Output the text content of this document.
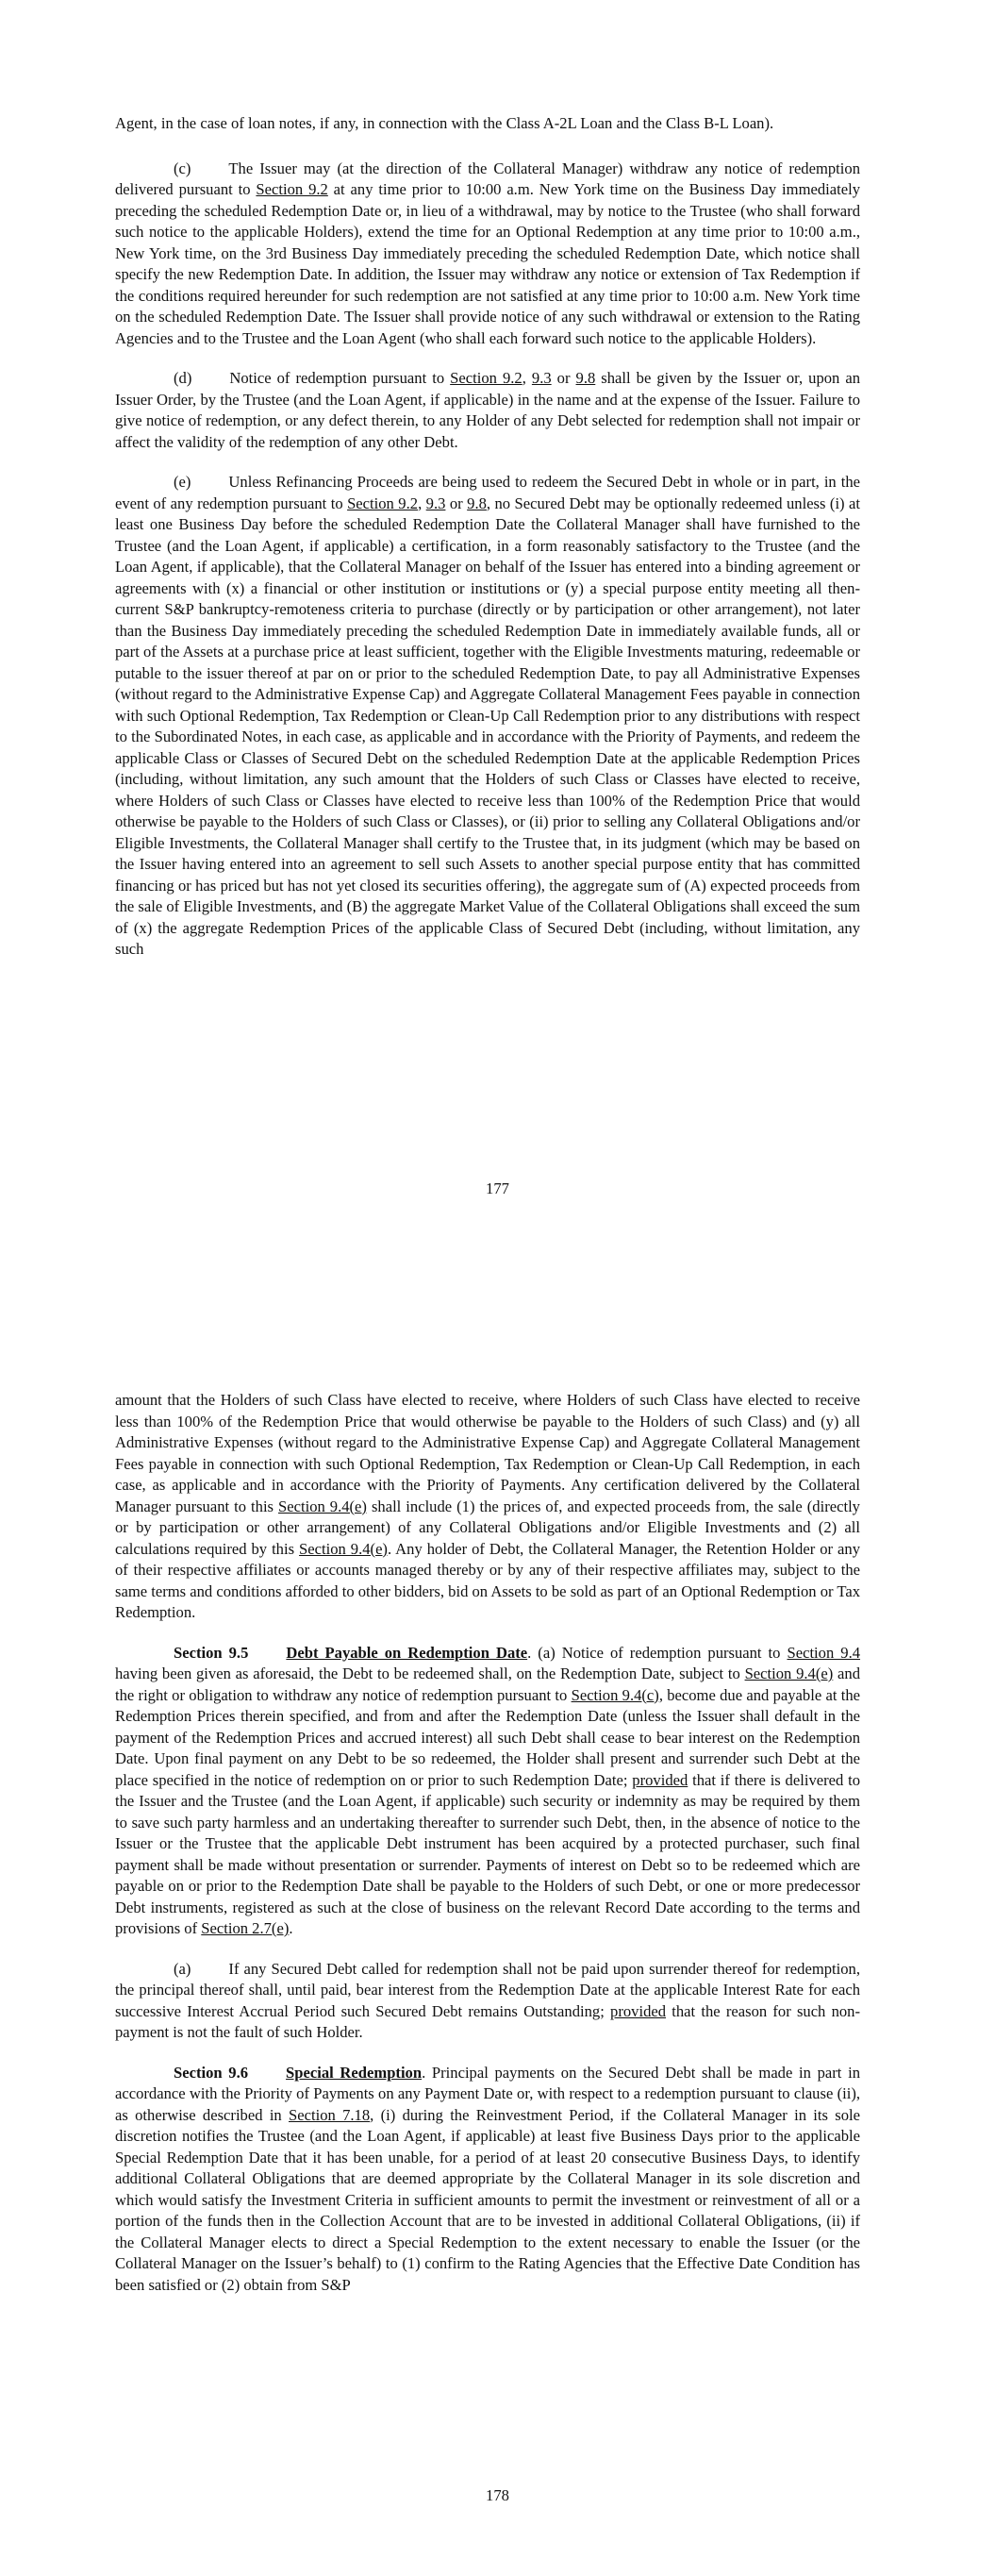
Agent, in the case of loan notes, if any, in connection with the Class A-2L Loan and the Class B-L Loan).

(c) The Issuer may (at the direction of the Collateral Manager) withdraw any notice of redemption delivered pursuant to Section 9.2 at any time prior to 10:00 a.m. New York time on the Business Day immediately preceding the scheduled Redemption Date or, in lieu of a withdrawal, may by notice to the Trustee (who shall forward such notice to the applicable Holders), extend the time for an Optional Redemption at any time prior to 10:00 a.m., New York time, on the 3rd Business Day immediately preceding the scheduled Redemption Date, which notice shall specify the new Redemption Date. In addition, the Issuer may withdraw any notice or extension of Tax Redemption if the conditions required hereunder for such redemption are not satisfied at any time prior to 10:00 a.m. New York time on the scheduled Redemption Date. The Issuer shall provide notice of any such withdrawal or extension to the Rating Agencies and to the Trustee and the Loan Agent (who shall each forward such notice to the applicable Holders).

(d) Notice of redemption pursuant to Section 9.2, 9.3 or 9.8 shall be given by the Issuer or, upon an Issuer Order, by the Trustee (and the Loan Agent, if applicable) in the name and at the expense of the Issuer. Failure to give notice of redemption, or any defect therein, to any Holder of any Debt selected for redemption shall not impair or affect the validity of the redemption of any other Debt.

(e) Unless Refinancing Proceeds are being used to redeem the Secured Debt in whole or in part, in the event of any redemption pursuant to Section 9.2, 9.3 or 9.8, no Secured Debt may be optionally redeemed unless (i) at least one Business Day before the scheduled Redemption Date the Collateral Manager shall have furnished to the Trustee (and the Loan Agent, if applicable) a certification, in a form reasonably satisfactory to the Trustee (and the Loan Agent, if applicable), that the Collateral Manager on behalf of the Issuer has entered into a binding agreement or agreements with (x) a financial or other institution or institutions or (y) a special purpose entity meeting all then-current S&P bankruptcy-remoteness criteria to purchase (directly or by participation or other arrangement), not later than the Business Day immediately preceding the scheduled Redemption Date in immediately available funds, all or part of the Assets at a purchase price at least sufficient, together with the Eligible Investments maturing, redeemable or putable to the issuer thereof at par on or prior to the scheduled Redemption Date, to pay all Administrative Expenses (without regard to the Administrative Expense Cap) and Aggregate Collateral Management Fees payable in connection with such Optional Redemption, Tax Redemption or Clean-Up Call Redemption prior to any distributions with respect to the Subordinated Notes, in each case, as applicable and in accordance with the Priority of Payments, and redeem the applicable Class or Classes of Secured Debt on the scheduled Redemption Date at the applicable Redemption Prices (including, without limitation, any such amount that the Holders of such Class or Classes have elected to receive, where Holders of such Class or Classes have elected to receive less than 100% of the Redemption Price that would otherwise be payable to the Holders of such Class or Classes), or (ii) prior to selling any Collateral Obligations and/or Eligible Investments, the Collateral Manager shall certify to the Trustee that, in its judgment (which may be based on the Issuer having entered into an agreement to sell such Assets to another special purpose entity that has committed financing or has priced but has not yet closed its securities offering), the aggregate sum of (A) expected proceeds from the sale of Eligible Investments, and (B) the aggregate Market Value of the Collateral Obligations shall exceed the sum of (x) the aggregate Redemption Prices of the applicable Class of Secured Debt (including, without limitation, any such

177

amount that the Holders of such Class have elected to receive, where Holders of such Class have elected to receive less than 100% of the Redemption Price that would otherwise be payable to the Holders of such Class) and (y) all Administrative Expenses (without regard to the Administrative Expense Cap) and Aggregate Collateral Management Fees payable in connection with such Optional Redemption, Tax Redemption or Clean-Up Call Redemption, in each case, as applicable and in accordance with the Priority of Payments. Any certification delivered by the Collateral Manager pursuant to this Section 9.4(e) shall include (1) the prices of, and expected proceeds from, the sale (directly or by participation or other arrangement) of any Collateral Obligations and/or Eligible Investments and (2) all calculations required by this Section 9.4(e). Any holder of Debt, the Collateral Manager, the Retention Holder or any of their respective affiliates or accounts managed thereby or by any of their respective affiliates may, subject to the same terms and conditions afforded to other bidders, bid on Assets to be sold as part of an Optional Redemption or Tax Redemption.

Section 9.5 Debt Payable on Redemption Date. (a) Notice of redemption pursuant to Section 9.4 having been given as aforesaid, the Debt to be redeemed shall, on the Redemption Date, subject to Section 9.4(e) and the right or obligation to withdraw any notice of redemption pursuant to Section 9.4(c), become due and payable at the Redemption Prices therein specified, and from and after the Redemption Date (unless the Issuer shall default in the payment of the Redemption Prices and accrued interest) all such Debt shall cease to bear interest on the Redemption Date. Upon final payment on any Debt to be so redeemed, the Holder shall present and surrender such Debt at the place specified in the notice of redemption on or prior to such Redemption Date; provided that if there is delivered to the Issuer and the Trustee (and the Loan Agent, if applicable) such security or indemnity as may be required by them to save such party harmless and an undertaking thereafter to surrender such Debt, then, in the absence of notice to the Issuer or the Trustee that the applicable Debt instrument has been acquired by a protected purchaser, such final payment shall be made without presentation or surrender. Payments of interest on Debt so to be redeemed which are payable on or prior to the Redemption Date shall be payable to the Holders of such Debt, or one or more predecessor Debt instruments, registered as such at the close of business on the relevant Record Date according to the terms and provisions of Section 2.7(e).

(a) If any Secured Debt called for redemption shall not be paid upon surrender thereof for redemption, the principal thereof shall, until paid, bear interest from the Redemption Date at the applicable Interest Rate for each successive Interest Accrual Period such Secured Debt remains Outstanding; provided that the reason for such non-payment is not the fault of such Holder.

Section 9.6 Special Redemption. Principal payments on the Secured Debt shall be made in part in accordance with the Priority of Payments on any Payment Date or, with respect to a redemption pursuant to clause (ii), as otherwise described in Section 7.18, (i) during the Reinvestment Period, if the Collateral Manager in its sole discretion notifies the Trustee (and the Loan Agent, if applicable) at least five Business Days prior to the applicable Special Redemption Date that it has been unable, for a period of at least 20 consecutive Business Days, to identify additional Collateral Obligations that are deemed appropriate by the Collateral Manager in its sole discretion and which would satisfy the Investment Criteria in sufficient amounts to permit the investment or reinvestment of all or a portion of the funds then in the Collection Account that are to be invested in additional Collateral Obligations, (ii) if the Collateral Manager elects to direct a Special Redemption to the extent necessary to enable the Issuer (or the Collateral Manager on the Issuer’s behalf) to (1) confirm to the Rating Agencies that the Effective Date Condition has been satisfied or (2) obtain from S&P

178
